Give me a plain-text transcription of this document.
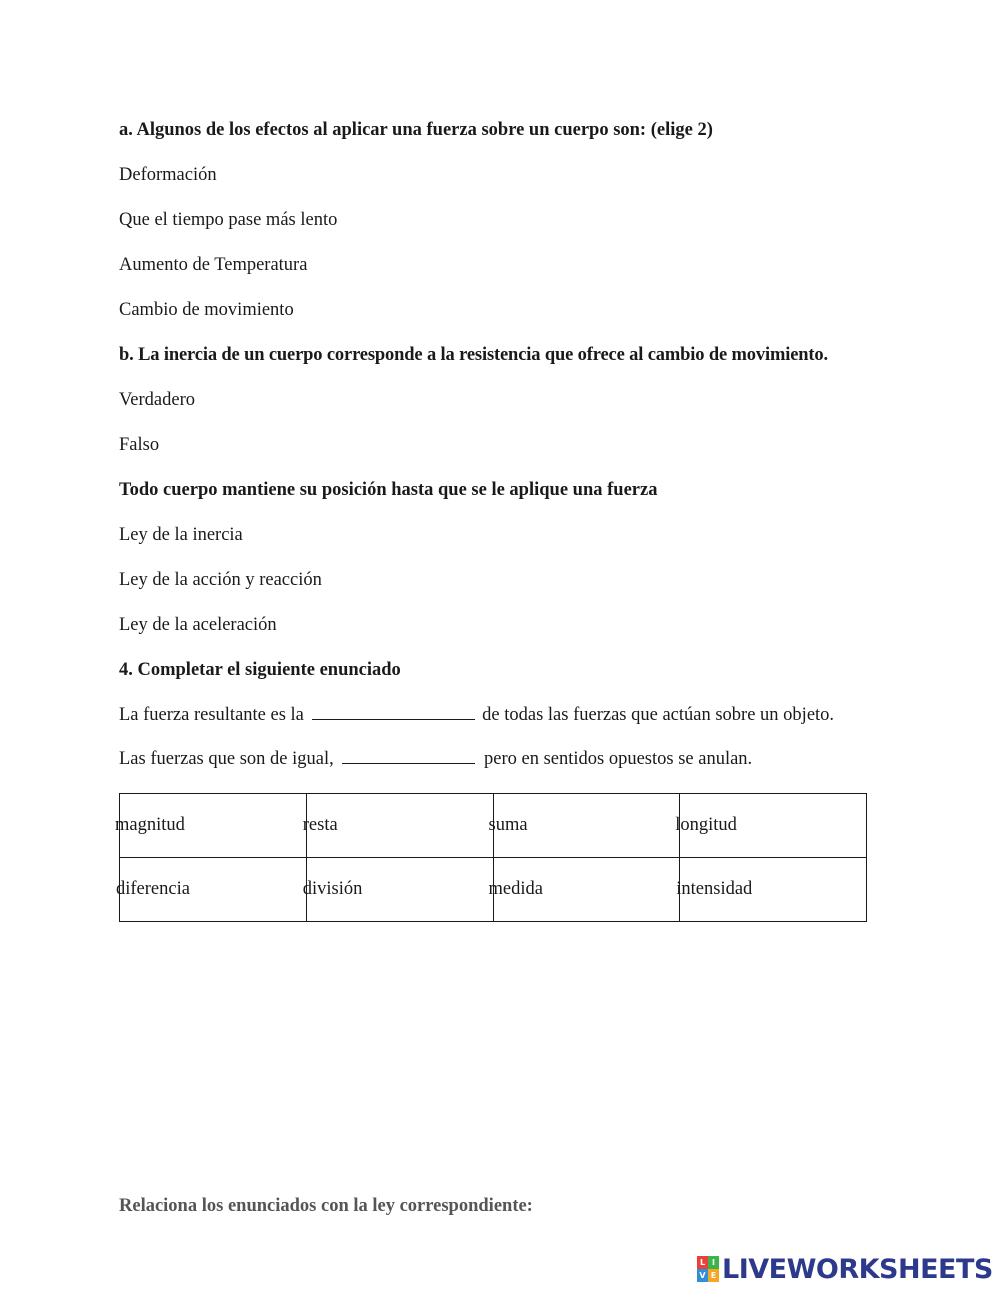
a. Algunos de los efectos al aplicar una fuerza sobre un cuerpo son: (elige 2)
Deformación
Que el tiempo pase más lento
Aumento de Temperatura
Cambio de movimiento
b. La inercia de un cuerpo corresponde a la resistencia que ofrece al cambio de movimiento.
Verdadero
Falso
Todo cuerpo mantiene su posición hasta que se le aplique una fuerza
Ley de la inercia
Ley de la acción y reacción
Ley de la aceleración
4. Completar el siguiente enunciado
La fuerza resultante es la	de todas las fuerzas que actúan sobre un objeto.
Las fuerzas que son de igual,	pero en sentidos opuestos se anulan.
magnitud	resta	suma	longitud
diferencia	división	medida	intensidad
Relaciona los enunciados con la ley correspondiente:
L I
V E LIVEWORKSHEETS
